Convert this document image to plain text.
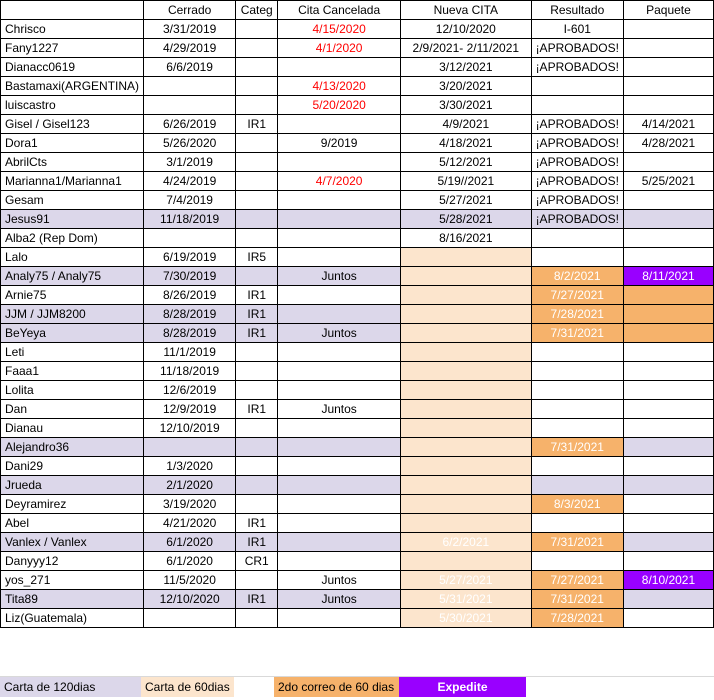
	Cerrado	Categ	Cita Cancelada	Nueva CITA	Resultado	Paquete
Chrisco	3/31/2019		4/15/2020	12/10/2020	I-601	
Fany1227	4/29/2019		4/1/2020	2/9/2021- 2/11/2021	¡APROBADOS!	
Dianacc0619	6/6/2019			3/12/2021	¡APROBADOS!	
Bastamaxi(ARGENTINA)			4/13/2020	3/20/2021		
luiscastro			5/20/2020	3/30/2021		
Gisel / Gisel123	6/26/2019	IR1		4/9/2021	¡APROBADOS!	4/14/2021
Dora1	5/26/2020		9/2019	4/18/2021	¡APROBADOS!	4/28/2021
AbrilCts	3/1/2019			5/12/2021	¡APROBADOS!	
Marianna1/Marianna1	4/24/2019		4/7/2020	5/19//2021	¡APROBADOS!	5/25/2021
Gesam	7/4/2019			5/27/2021	¡APROBADOS!	
Jesus91	11/18/2019			5/28/2021	¡APROBADOS!	
Alba2 (Rep Dom)				8/16/2021		
Lalo	6/19/2019	IR5				
Analy75 / Analy75	7/30/2019		Juntos		8/2/2021	8/11/2021
Arnie75	8/26/2019	IR1			7/27/2021	
JJM / JJM8200	8/28/2019	IR1			7/28/2021	
BeYeya	8/28/2019	IR1	Juntos		7/31/2021	
Leti	11/1/2019					
Faaa1	11/18/2019					
Lolita	12/6/2019					
Dan	12/9/2019	IR1	Juntos			
Dianau	12/10/2019					
Alejandro36					7/31/2021	
Dani29	1/3/2020					
Jrueda	2/1/2020					
Deyramirez	3/19/2020				8/3/2021	
Abel	4/21/2020	IR1				
Vanlex / Vanlex	6/1/2020	IR1		6/2/2021	7/31/2021	
Danyyy12	6/1/2020	CR1				
yos_271	11/5/2020		Juntos	5/27/2021	7/27/2021	8/10/2021
Tita89	12/10/2020	IR1	Juntos	5/31/2021	7/31/2021	
Liz(Guatemala)				5/30/2021	7/28/2021	
Carta de 120dias	Carta de 60dias	2do correo de 60 dias	Expedite
